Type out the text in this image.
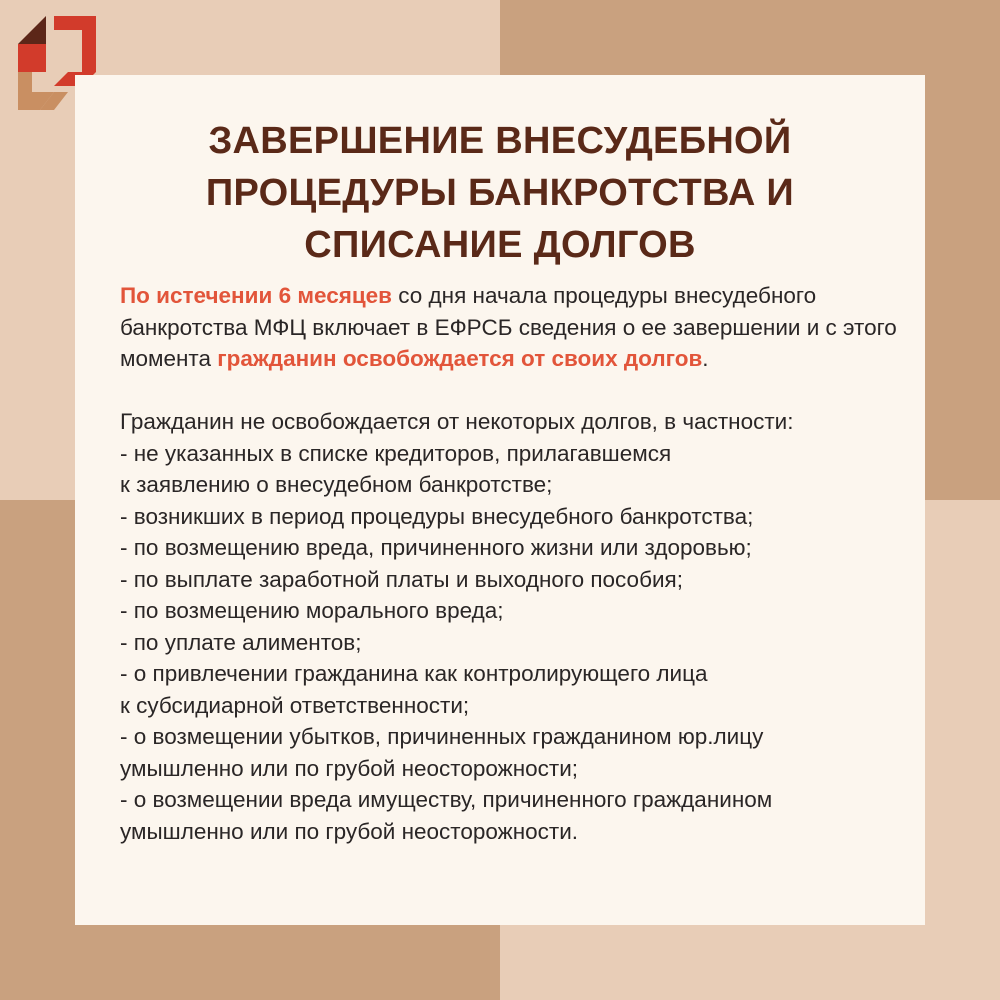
ЗАВЕРШЕНИЕ ВНЕСУДЕБНОЙ
ПРОЦЕДУРЫ БАНКРОТСТВА И
СПИСАНИЕ ДОЛГОВ

По истечении 6 месяцев со дня начала процедуры внесудебного банкротства МФЦ включает в ЕФРСБ сведения о ее завершении и с этого момента гражданин освобождается от своих долгов.

Гражданин не освобождается от некоторых долгов, в частности:
- не указанных в списке кредиторов, прилагавшемся
к заявлению о внесудебном банкротстве;
- возникших в период процедуры внесудебного банкротства;
- по возмещению вреда, причиненного жизни или здоровью;
- по выплате заработной платы и выходного пособия;
- по возмещению морального вреда;
- по уплате алиментов;
- о привлечении гражданина как контролирующего лица
к субсидиарной ответственности;
- о возмещении убытков, причиненных гражданином юр.лицу
умышленно или по грубой неосторожности;
- о возмещении вреда имуществу, причиненного гражданином
умышленно или по грубой неосторожности.
